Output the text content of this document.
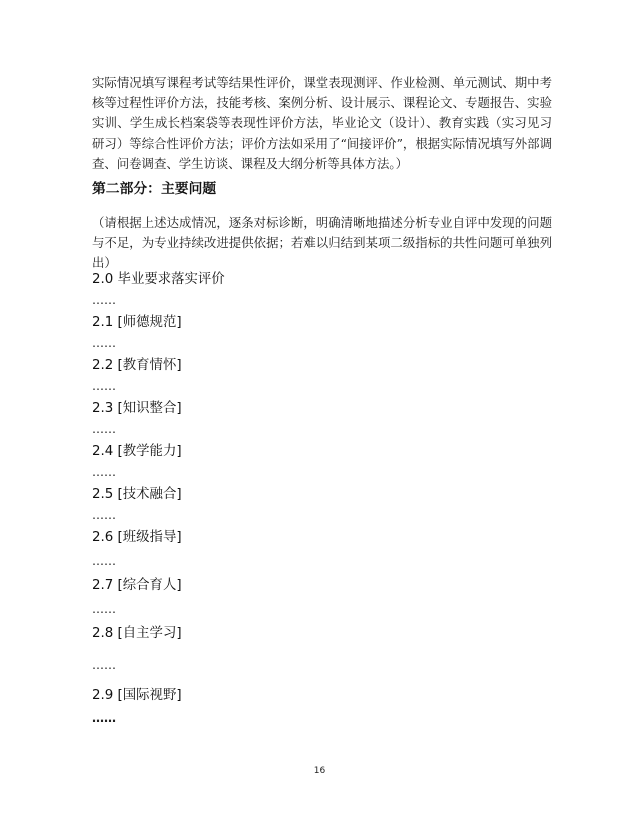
实际情况填写课程考试等结果性评价，课堂表现测评、作业检测、单元测试、期中考核等过程性评价方法，技能考核、案例分析、设计展示、课程论文、专题报告、实验实训、学生成长档案袋等表现性评价方法，毕业论文（设计）、教育实践（实习见习研习）等综合性评价方法；评价方法如采用了“间接评价”，根据实际情况填写外部调查、问卷调查、学生访谈、课程及大纲分析等具体方法。）

第二部分：主要问题

（请根据上述达成情况，逐条对标诊断，明确清晰地描述分析专业自评中发现的问题与不足，为专业持续改进提供依据；若难以归结到某项二级指标的共性问题可单独列出）

2.0 毕业要求落实评价
……
2.1 [师德规范]
……
2.2 [教育情怀]
……
2.3 [知识整合]
……
2.4 [教学能力]
……
2.5 [技术融合]
……
2.6 [班级指导]
……
2.7 [综合育人]
……
2.8 [自主学习]
……
2.9 [国际视野]
……
16
